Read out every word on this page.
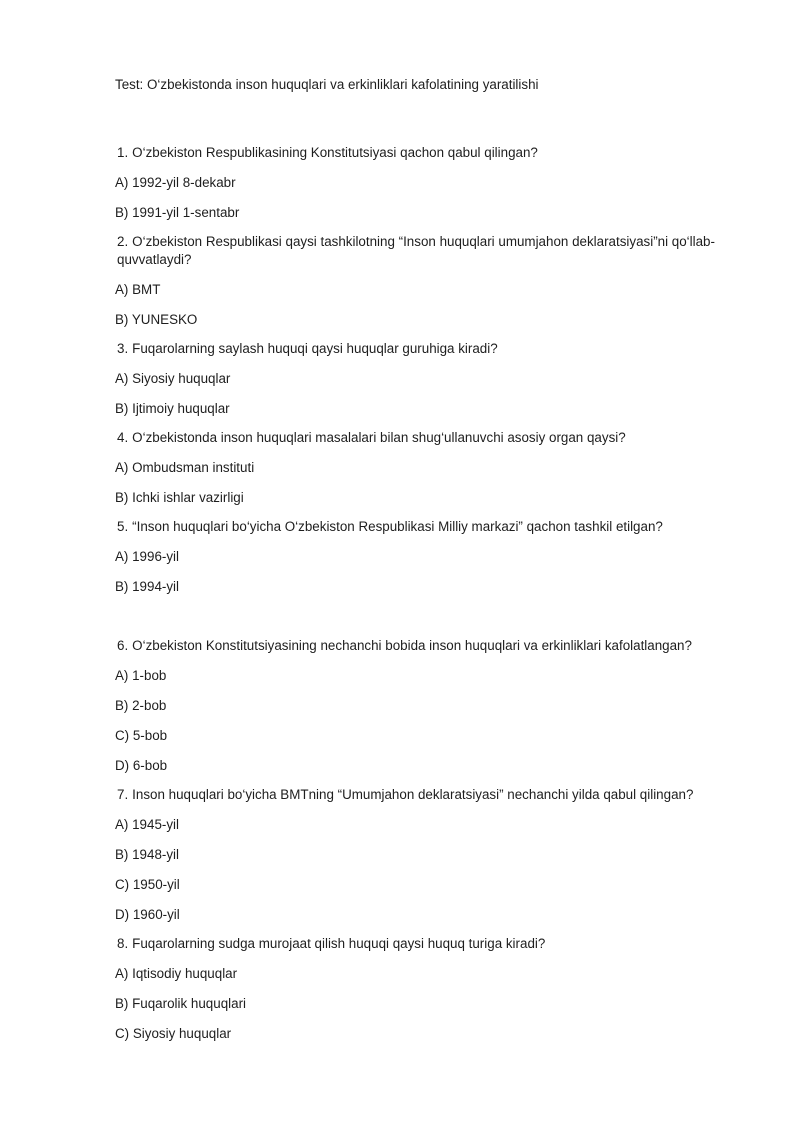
Test: O‘zbekistonda inson huquqlari va erkinliklari kafolatining yaratilishi
1. O‘zbekiston Respublikasining Konstitutsiyasi qachon qabul qilingan?
A) 1992-yil 8-dekabr
B) 1991-yil 1-sentabr
2. O‘zbekiston Respublikasi qaysi tashkilotning “Inson huquqlari umumjahon deklaratsiyasi”ni qo‘llab-quvvatlaydi?
A) BMT
B) YUNESKO
3. Fuqarolarning saylash huquqi qaysi huquqlar guruhiga kiradi?
A) Siyosiy huquqlar
B) Ijtimoiy huquqlar
4. O‘zbekistonda inson huquqlari masalalari bilan shug‘ullanuvchi asosiy organ qaysi?
A) Ombudsman instituti
B) Ichki ishlar vazirligi
5. “Inson huquqlari bo‘yicha O‘zbekiston Respublikasi Milliy markazi” qachon tashkil etilgan?
A) 1996-yil
B) 1994-yil
6. O‘zbekiston Konstitutsiyasining nechanchi bobida inson huquqlari va erkinliklari kafolatlangan?
A) 1-bob
B) 2-bob
C) 5-bob
D) 6-bob
7. Inson huquqlari bo‘yicha BMTning “Umumjahon deklaratsiyasi” nechanchi yilda qabul qilingan?
A) 1945-yil
B) 1948-yil
C) 1950-yil
D) 1960-yil
8. Fuqarolarning sudga murojaat qilish huquqi qaysi huquq turiga kiradi?
A) Iqtisodiy huquqlar
B) Fuqarolik huquqlari
C) Siyosiy huquqlar
